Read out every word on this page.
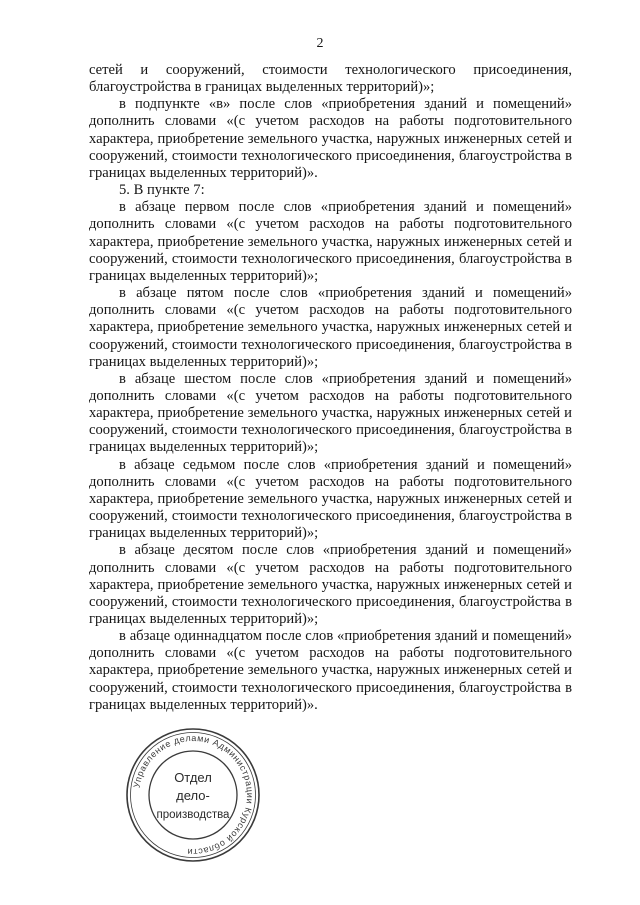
2

сетей и сооружений, стоимости технологического присоединения, благоустройства в границах выделенных территорий)»;

в подпункте «в» после слов «приобретения зданий и помещений» дополнить словами «(с учетом расходов на работы подготовительного характера, приобретение земельного участка, наружных инженерных сетей и сооружений, стоимости технологического присоединения, благоустройства в границах выделенных территорий)».

5. В пункте 7:

в абзаце первом после слов «приобретения зданий и помещений» дополнить словами «(с учетом расходов на работы подготовительного характера, приобретение земельного участка, наружных инженерных сетей и сооружений, стоимости технологического присоединения, благоустройства в границах выделенных территорий)»;

в абзаце пятом после слов «приобретения зданий и помещений» дополнить словами «(с учетом расходов на работы подготовительного характера, приобретение земельного участка, наружных инженерных сетей и сооружений, стоимости технологического присоединения, благоустройства в границах выделенных территорий)»;

в абзаце шестом после слов «приобретения зданий и помещений» дополнить словами «(с учетом расходов на работы подготовительного характера, приобретение земельного участка, наружных инженерных сетей и сооружений, стоимости технологического присоединения, благоустройства в границах выделенных территорий)»;

в абзаце седьмом после слов «приобретения зданий и помещений» дополнить словами «(с учетом расходов на работы подготовительного характера, приобретение земельного участка, наружных инженерных сетей и сооружений, стоимости технологического присоединения, благоустройства в границах выделенных территорий)»;

в абзаце десятом после слов «приобретения зданий и помещений» дополнить словами «(с учетом расходов на работы подготовительного характера, приобретение земельного участка, наружных инженерных сетей и сооружений, стоимости технологического присоединения, благоустройства в границах выделенных территорий)»;

в абзаце одиннадцатом после слов «приобретения зданий и помещений» дополнить словами «(с учетом расходов на работы подготовительного характера, приобретение земельного участка, наружных инженерных сетей и сооружений, стоимости технологического присоединения, благоустройства в границах выделенных территорий)».

Управление делами Администрации Курской области
Отдел
дело-
производства
